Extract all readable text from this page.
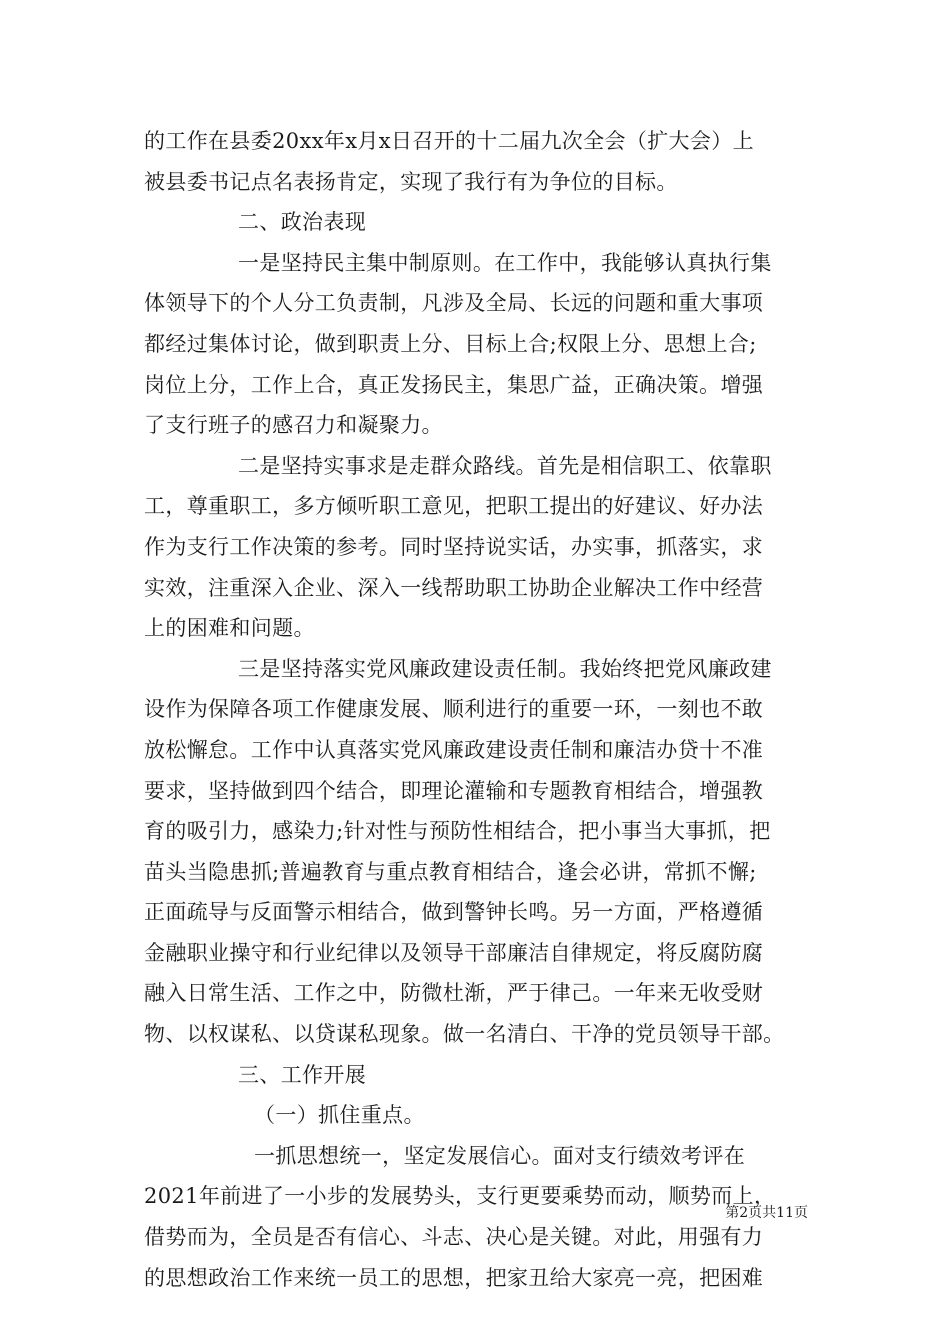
的工作在县委20xx年x月x日召开的十二届九次全会（扩大会）上
被县委书记点名表扬肯定，实现了我行有为争位的目标。
二、政治表现
一是坚持民主集中制原则。在工作中，我能够认真执行集
体领导下的个人分工负责制，凡涉及全局、长远的问题和重大事项
都经过集体讨论，做到职责上分、目标上合;权限上分、思想上合;
岗位上分，工作上合，真正发扬民主，集思广益，正确决策。增强
了支行班子的感召力和凝聚力。
二是坚持实事求是走群众路线。首先是相信职工、依靠职
工，尊重职工，多方倾听职工意见，把职工提出的好建议、好办法
作为支行工作决策的参考。同时坚持说实话，办实事，抓落实，求
实效，注重深入企业、深入一线帮助职工协助企业解决工作中经营
上的困难和问题。
三是坚持落实党风廉政建设责任制。我始终把党风廉政建
设作为保障各项工作健康发展、顺利进行的重要一环，一刻也不敢
放松懈怠。工作中认真落实党风廉政建设责任制和廉洁办贷十不准
要求，坚持做到四个结合，即理论灌输和专题教育相结合，增强教
育的吸引力，感染力;针对性与预防性相结合，把小事当大事抓，把
苗头当隐患抓;普遍教育与重点教育相结合，逢会必讲，常抓不懈;
正面疏导与反面警示相结合，做到警钟长鸣。另一方面，严格遵循
金融职业操守和行业纪律以及领导干部廉洁自律规定，将反腐防腐
融入日常生活、工作之中，防微杜渐，严于律己。一年来无收受财
物、以权谋私、以贷谋私现象。做一名清白、干净的党员领导干部。
三、工作开展
（一）抓住重点。
一抓思想统一，坚定发展信心。面对支行绩效考评在
2021年前进了一小步的发展势头，支行更要乘势而动，顺势而上，
借势而为，全员是否有信心、斗志、决心是关键。对此，用强有力
的思想政治工作来统一员工的思想，把家丑给大家亮一亮，把困难
第2页共11页
